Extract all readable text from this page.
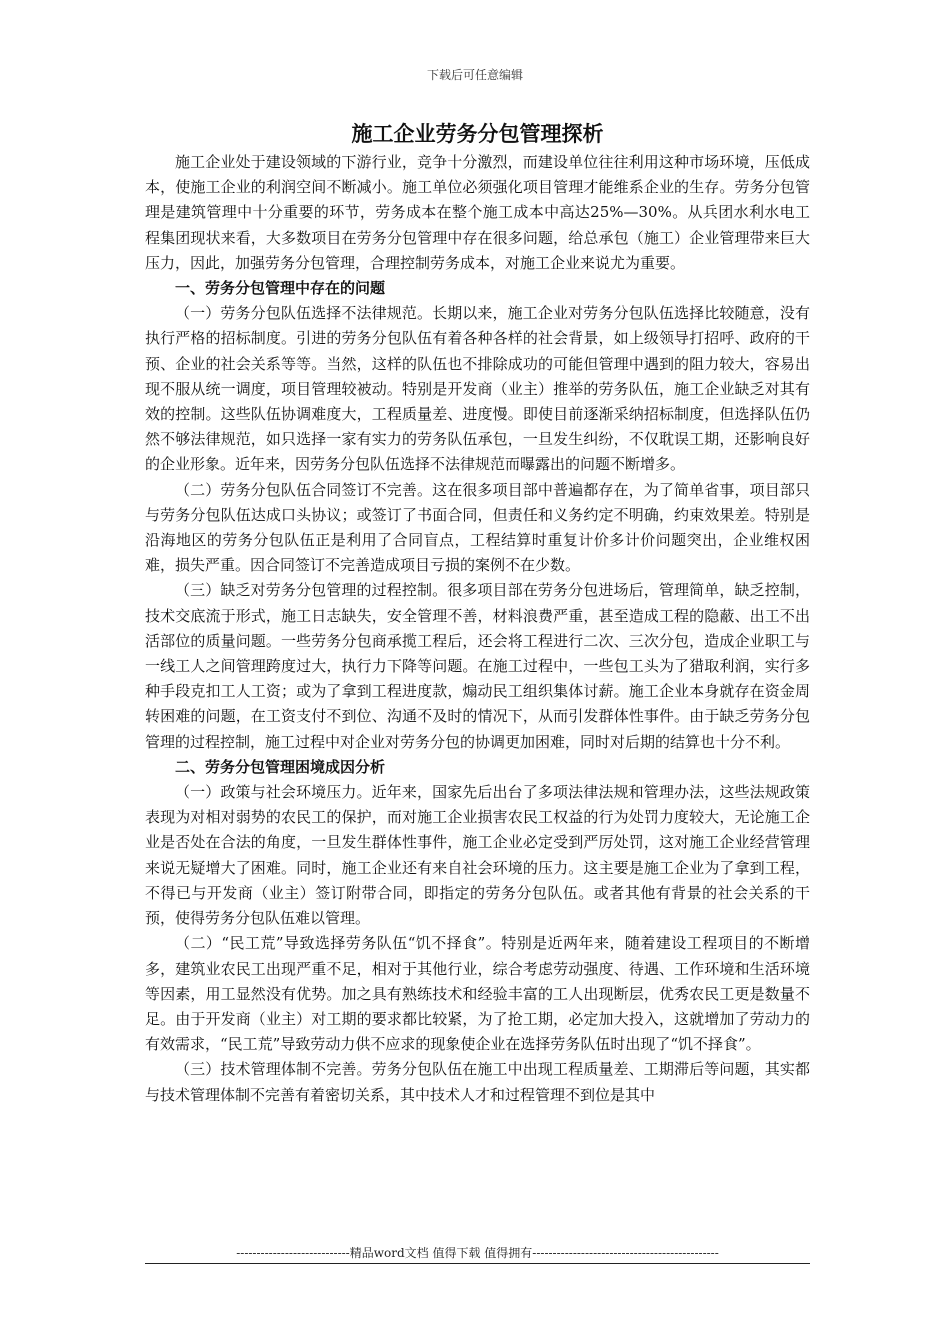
下载后可任意编辑
施工企业劳务分包管理探析

施工企业处于建设领域的下游行业，竞争十分激烈，而建设单位往往利用这种市场环境，压低成本，使施工企业的利润空间不断减小。施工单位必须强化项目管理才能维系企业的生存。劳务分包管理是建筑管理中十分重要的环节，劳务成本在整个施工成本中高达25%—30%。从兵团水利水电工程集团现状来看，大多数项目在劳务分包管理中存在很多问题，给总承包（施工）企业管理带来巨大压力，因此，加强劳务分包管理，合理控制劳务成本，对施工企业来说尤为重要。

一、劳务分包管理中存在的问题

（一）劳务分包队伍选择不法律规范。长期以来，施工企业对劳务分包队伍选择比较随意，没有执行严格的招标制度。引进的劳务分包队伍有着各种各样的社会背景，如上级领导打招呼、政府的干预、企业的社会关系等等。当然，这样的队伍也不排除成功的可能但管理中遇到的阻力较大，容易出现不服从统一调度，项目管理较被动。特别是开发商（业主）推举的劳务队伍，施工企业缺乏对其有效的控制。这些队伍协调难度大，工程质量差、进度慢。即使目前逐渐采纳招标制度，但选择队伍仍然不够法律规范，如只选择一家有实力的劳务队伍承包，一旦发生纠纷，不仅耽误工期，还影响良好的企业形象。近年来，因劳务分包队伍选择不法律规范而曝露出的问题不断增多。

（二）劳务分包队伍合同签订不完善。这在很多项目部中普遍都存在，为了简单省事，项目部只与劳务分包队伍达成口头协议；或签订了书面合同，但责任和义务约定不明确，约束效果差。特别是沿海地区的劳务分包队伍正是利用了合同盲点，工程结算时重复计价多计价问题突出，企业维权困难，损失严重。因合同签订不完善造成项目亏损的案例不在少数。

（三）缺乏对劳务分包管理的过程控制。很多项目部在劳务分包进场后，管理简单，缺乏控制，技术交底流于形式，施工日志缺失，安全管理不善，材料浪费严重，甚至造成工程的隐蔽、出工不出活部位的质量问题。一些劳务分包商承揽工程后，还会将工程进行二次、三次分包，造成企业职工与一线工人之间管理跨度过大，执行力下降等问题。在施工过程中，一些包工头为了猎取利润，实行多种手段克扣工人工资；或为了拿到工程进度款，煽动民工组织集体讨薪。施工企业本身就存在资金周转困难的问题，在工资支付不到位、沟通不及时的情况下，从而引发群体性事件。由于缺乏劳务分包管理的过程控制，施工过程中对企业对劳务分包的协调更加困难，同时对后期的结算也十分不利。

二、劳务分包管理困境成因分析

（一）政策与社会环境压力。近年来，国家先后出台了多项法律法规和管理办法，这些法规政策表现为对相对弱势的农民工的保护，而对施工企业损害农民工权益的行为处罚力度较大，无论施工企业是否处在合法的角度，一旦发生群体性事件，施工企业必定受到严厉处罚，这对施工企业经营管理来说无疑增大了困难。同时，施工企业还有来自社会环境的压力。这主要是施工企业为了拿到工程，不得已与开发商（业主）签订附带合同，即指定的劳务分包队伍。或者其他有背景的社会关系的干预，使得劳务分包队伍难以管理。

（二）“民工荒”导致选择劳务队伍“饥不择食”。特别是近两年来，随着建设工程项目的不断增多，建筑业农民工出现严重不足，相对于其他行业，综合考虑劳动强度、待遇、工作环境和生活环境等因素，用工显然没有优势。加之具有熟练技术和经验丰富的工人出现断层，优秀农民工更是数量不足。由于开发商（业主）对工期的要求都比较紧，为了抢工期，必定加大投入，这就增加了劳动力的有效需求，“民工荒”导致劳动力供不应求的现象使企业在选择劳务队伍时出现了“饥不择食”。

（三）技术管理体制不完善。劳务分包队伍在施工中出现工程质量差、工期滞后等问题，其实都与技术管理体制不完善有着密切关系，其中技术人才和过程管理不到位是其中

----------------------------精品word文档 值得下载 值得拥有----------------------------------------------
